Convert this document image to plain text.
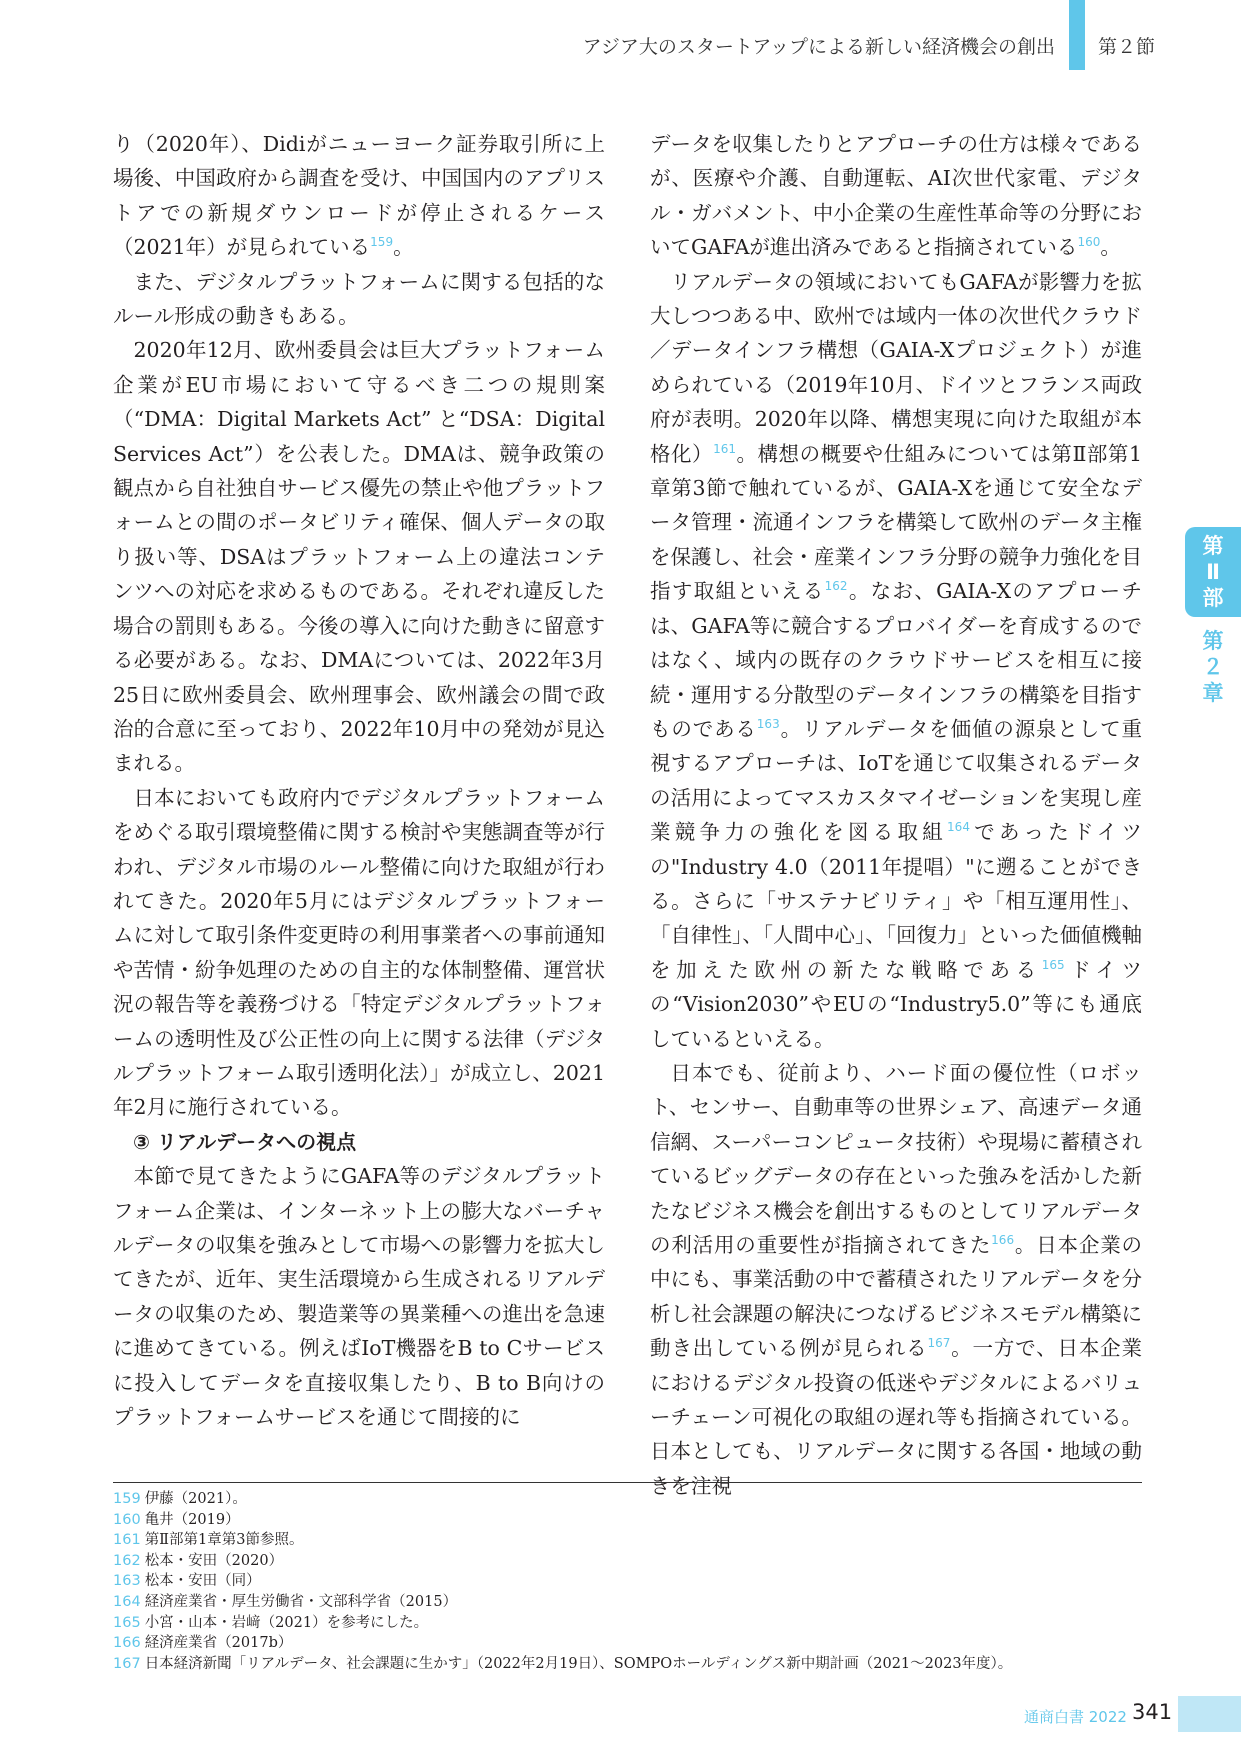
アジア大のスタートアップによる新しい経済機会の創出 第２節

り（2020年）、Didiがニューヨーク証券取引所に上場後、中国政府から調査を受け、中国国内のアプリストアでの新規ダウンロードが停止されるケース（2021年）が見られている$^{159}$。

また、デジタルプラットフォームに関する包括的なルール形成の動きもある。

2020年12月、欧州委員会は巨大プラットフォーム企業がEU市場において守るべき二つの規則案（“DMA：Digital Markets Act” と“DSA：Digital Services Act”）を公表した。DMAは、競争政策の観点から自社独自サービス優先の禁止や他プラットフォームとの間のポータビリティ確保、個人データの取り扱い等、DSAはプラットフォーム上の違法コンテンツへの対応を求めるものである。それぞれ違反した場合の罰則もある。今後の導入に向けた動きに留意する必要がある。なお、DMAについては、2022年3月25日に欧州委員会、欧州理事会、欧州議会の間で政治的合意に至っており、2022年10月中の発効が見込まれる。

日本においても政府内でデジタルプラットフォームをめぐる取引環境整備に関する検討や実態調査等が行われ、デジタル市場のルール整備に向けた取組が行われてきた。2020年5月にはデジタルプラットフォームに対して取引条件変更時の利用事業者への事前通知や苦情・紛争処理のための自主的な体制整備、運営状況の報告等を義務づける「特定デジタルプラットフォームの透明性及び公正性の向上に関する法律（デジタルプラットフォーム取引透明化法）」が成立し、2021年2月に施行されている。

③ リアルデータへの視点

本節で見てきたようにGAFA等のデジタルプラットフォーム企業は、インターネット上の膨大なバーチャルデータの収集を強みとして市場への影響力を拡大してきたが、近年、実生活環境から生成されるリアルデータの収集のため、製造業等の異業種への進出を急速に進めてきている。例えばIoT機器をB to Cサービスに投入してデータを直接収集したり、B to B向けのプラットフォームサービスを通じて間接的に

データを収集したりとアプローチの仕方は様々であるが、医療や介護、自動運転、AI次世代家電、デジタル・ガバメント、中小企業の生産性革命等の分野においてGAFAが進出済みであると指摘されている$^{160}$。

リアルデータの領域においてもGAFAが影響力を拡大しつつある中、欧州では域内一体の次世代クラウド／データインフラ構想（GAIA-Xプロジェクト）が進められている（2019年10月、ドイツとフランス両政府が表明。2020年以降、構想実現に向けた取組が本格化）$^{161}$。構想の概要や仕組みについては第Ⅱ部第1章第3節で触れているが、GAIA-Xを通じて安全なデータ管理・流通インフラを構築して欧州のデータ主権を保護し、社会・産業インフラ分野の競争力強化を目指す取組といえる$^{162}$。なお、GAIA-Xのアプローチは、GAFA等に競合するプロバイダーを育成するのではなく、域内の既存のクラウドサービスを相互に接続・運用する分散型のデータインフラの構築を目指すものである$^{163}$。リアルデータを価値の源泉として重視するアプローチは、IoTを通じて収集されるデータの活用によってマスカスタマイゼーションを実現し産業競争力の強化を図る取組$^{164}$であったドイツの"Industry 4.0（2011年提唱）"に遡ることができる。さらに「サステナビリティ」や「相互運用性」、「自律性」、「人間中心」、「回復力」といった価値機軸を加えた欧州の新たな戦略である$^{165}$ドイツの“Vision2030”やEUの“Industry5.0”等にも通底しているといえる。

日本でも、従前より、ハード面の優位性（ロボット、センサー、自動車等の世界シェア、高速データ通信網、スーパーコンピュータ技術）や現場に蓄積されているビッグデータの存在といった強みを活かした新たなビジネス機会を創出するものとしてリアルデータの利活用の重要性が指摘されてきた$^{166}$。日本企業の中にも、事業活動の中で蓄積されたリアルデータを分析し社会課題の解決につなげるビジネスモデル構築に動き出している例が見られる$^{167}$。一方で、日本企業におけるデジタル投資の低迷やデジタルによるバリューチェーン可視化の取組の遅れ等も指摘されている。日本としても、リアルデータに関する各国・地域の動きを注視

第
Ⅱ
部
第
２
章
159 伊藤（2021）。
160 亀井（2019）
161 第Ⅱ部第1章第3節参照。
162 松本・安田（2020）
163 松本・安田（同）
164 経済産業省・厚生労働省・文部科学省（2015）
165 小宮・山本・岩﨑（2021）を参考にした。
166 経済産業省（2017b）
167 日本経済新聞「リアルデータ、社会課題に生かす」（2022年2月19日）、SOMPOホールディングス新中期計画（2021～2023年度）。
通商白書 2022 341
